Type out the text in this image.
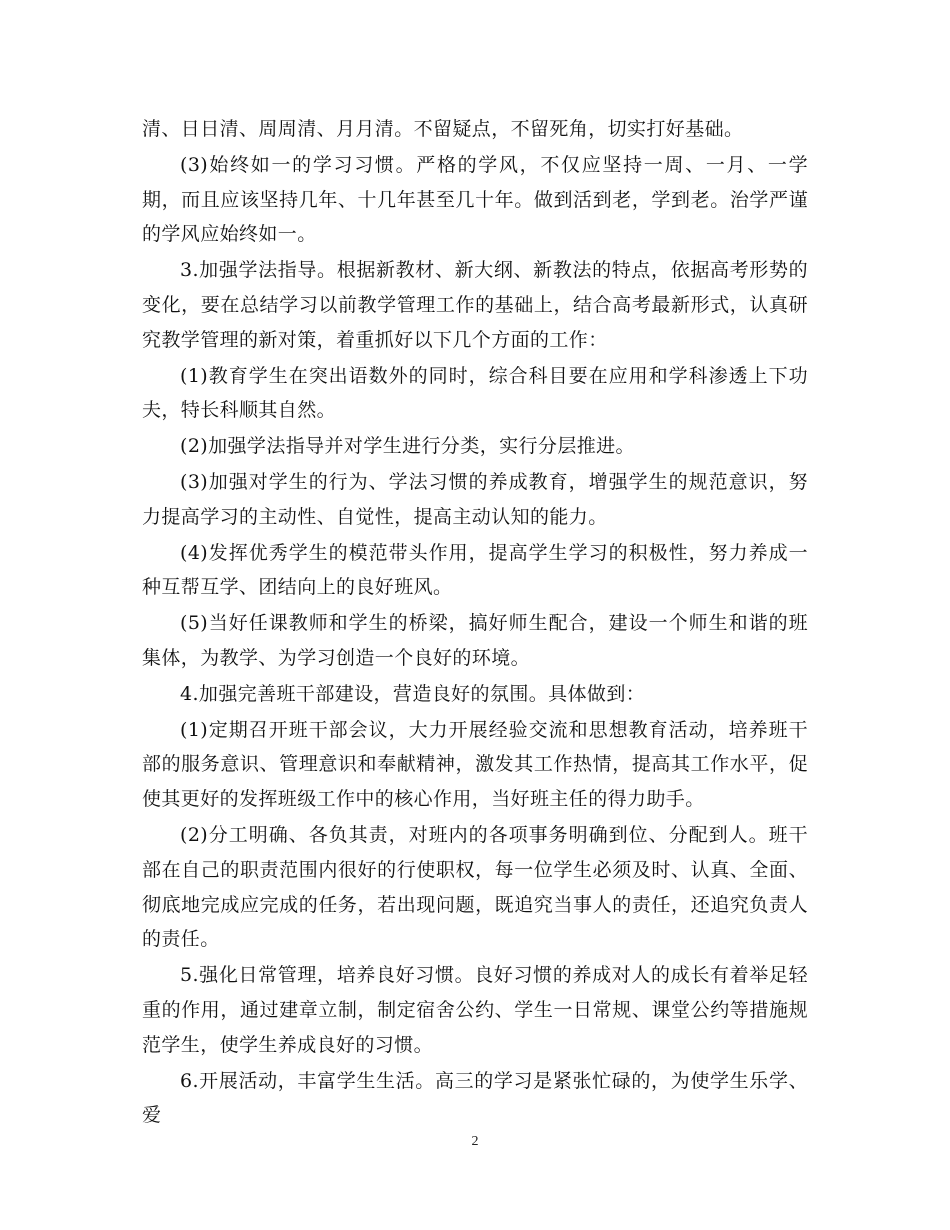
清、日日清、周周清、月月清。不留疑点，不留死角，切实打好基础。

(3)始终如一的学习习惯。严格的学风，不仅应坚持一周、一月、一学期，而且应该坚持几年、十几年甚至几十年。做到活到老，学到老。治学严谨的学风应始终如一。

3.加强学法指导。根据新教材、新大纲、新教法的特点，依据高考形势的变化，要在总结学习以前教学管理工作的基础上，结合高考最新形式，认真研究教学管理的新对策，着重抓好以下几个方面的工作：

(1)教育学生在突出语数外的同时，综合科目要在应用和学科渗透上下功夫，特长科顺其自然。

(2)加强学法指导并对学生进行分类，实行分层推进。

(3)加强对学生的行为、学法习惯的养成教育，增强学生的规范意识，努力提高学习的主动性、自觉性，提高主动认知的能力。

(4)发挥优秀学生的模范带头作用，提高学生学习的积极性，努力养成一种互帮互学、团结向上的良好班风。

(5)当好任课教师和学生的桥梁，搞好师生配合，建设一个师生和谐的班集体，为教学、为学习创造一个良好的环境。

4.加强完善班干部建设，营造良好的氛围。具体做到：

(1)定期召开班干部会议，大力开展经验交流和思想教育活动，培养班干部的服务意识、管理意识和奉献精神，激发其工作热情，提高其工作水平，促使其更好的发挥班级工作中的核心作用，当好班主任的得力助手。

(2)分工明确、各负其责，对班内的各项事务明确到位、分配到人。班干部在自己的职责范围内很好的行使职权，每一位学生必须及时、认真、全面、彻底地完成应完成的任务，若出现问题，既追究当事人的责任，还追究负责人的责任。

5.强化日常管理，培养良好习惯。良好习惯的养成对人的成长有着举足轻重的作用，通过建章立制，制定宿舍公约、学生一日常规、课堂公约等措施规范学生，使学生养成良好的习惯。

6.开展活动，丰富学生生活。高三的学习是紧张忙碌的，为使学生乐学、爱

2
